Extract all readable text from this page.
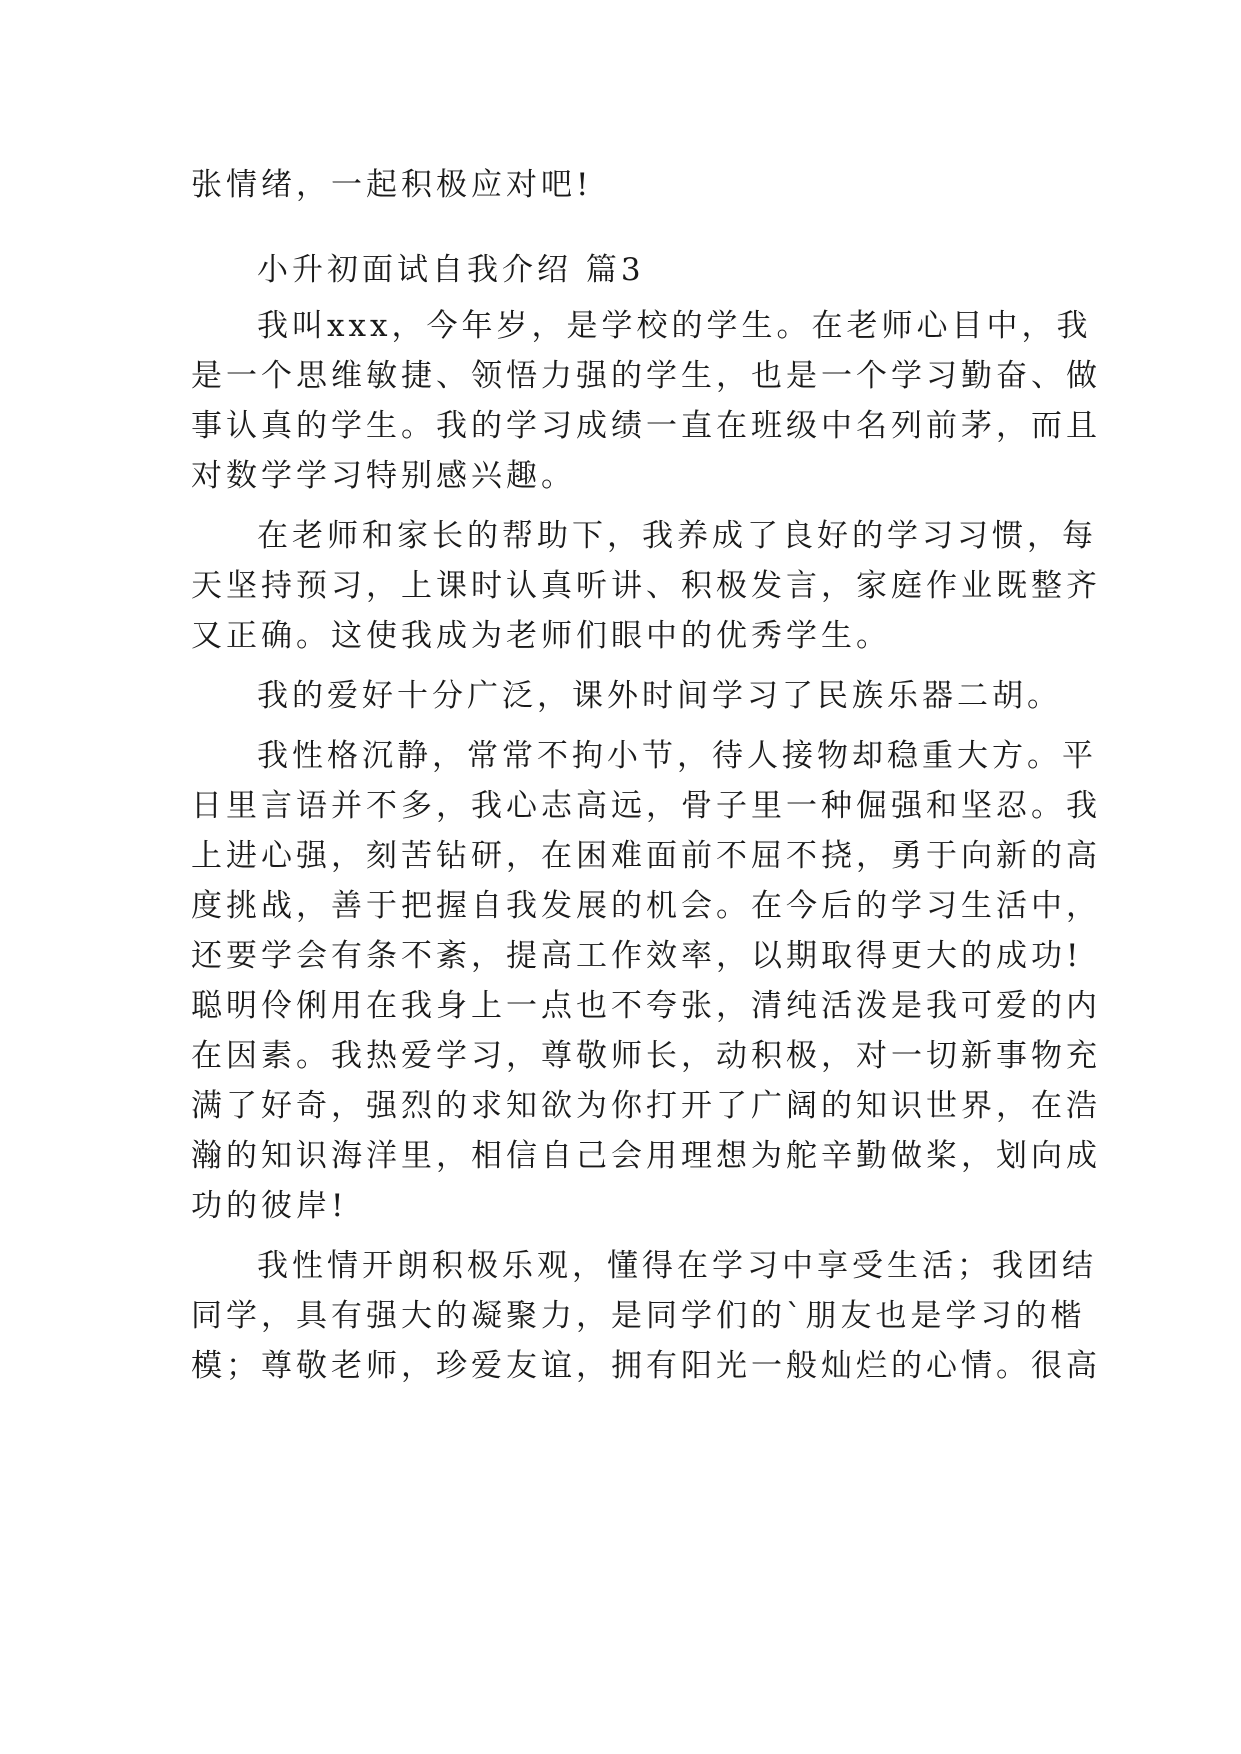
张情绪，一起积极应对吧!
小升初面试自我介绍 篇3
我叫xxx，今年岁，是学校的学生。在老师心目中，我
是一个思维敏捷、领悟力强的学生，也是一个学习勤奋、做
事认真的学生。我的学习成绩一直在班级中名列前茅，而且
对数学学习特别感兴趣。
在老师和家长的帮助下，我养成了良好的学习习惯，每
天坚持预习，上课时认真听讲、积极发言，家庭作业既整齐
又正确。这使我成为老师们眼中的优秀学生。
我的爱好十分广泛，课外时间学习了民族乐器二胡。
我性格沉静，常常不拘小节，待人接物却稳重大方。平
日里言语并不多，我心志高远，骨子里一种倔强和坚忍。我
上进心强，刻苦钻研，在困难面前不屈不挠，勇于向新的高
度挑战，善于把握自我发展的机会。在今后的学习生活中，
还要学会有条不紊，提高工作效率，以期取得更大的成功!
聪明伶俐用在我身上一点也不夸张，清纯活泼是我可爱的内
在因素。我热爱学习，尊敬师长，动积极，对一切新事物充
满了好奇，强烈的求知欲为你打开了广阔的知识世界，在浩
瀚的知识海洋里，相信自己会用理想为舵辛勤做桨，划向成
功的彼岸!
我性情开朗积极乐观，懂得在学习中享受生活；我团结
同学，具有强大的凝聚力，是同学们的`朋友也是学习的楷
模；尊敬老师，珍爱友谊，拥有阳光一般灿烂的心情。很高
